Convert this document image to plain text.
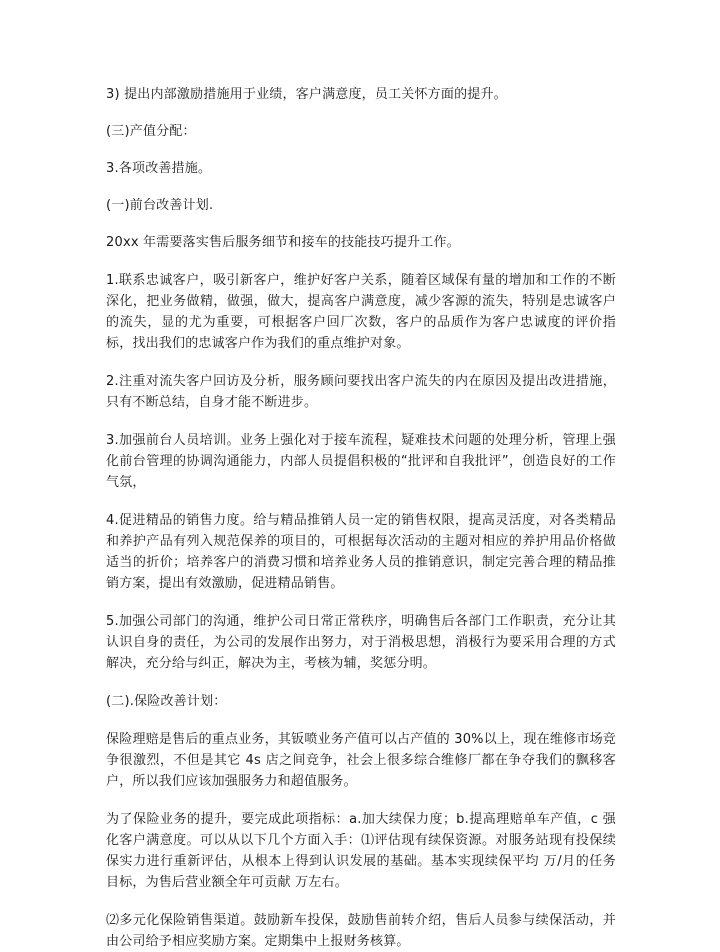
3) 提出内部激励措施用于业绩，客户满意度，员工关怀方面的提升。

(三)产值分配：

3.各项改善措施。

(一)前台改善计划.

20xx 年需要落实售后服务细节和接车的技能技巧提升工作。

1.联系忠诚客户，吸引新客户，维护好客户关系，随着区域保有量的增加和工作的不断深化，把业务做精，做强，做大，提高客户满意度，减少客源的流失，特别是忠诚客户的流失，显的尤为重要，可根据客户回厂次数，客户的品质作为客户忠诚度的评价指标，找出我们的忠诚客户作为我们的重点维护对象。

2.注重对流失客户回访及分析，服务顾问要找出客户流失的内在原因及提出改进措施，只有不断总结，自身才能不断进步。

3.加强前台人员培训。业务上强化对于接车流程，疑难技术问题的处理分析，管理上强化前台管理的协调沟通能力，内部人员提倡积极的“批评和自我批评”，创造良好的工作气氛，

4.促进精品的销售力度。给与精品推销人员一定的销售权限，提高灵活度，对各类精品和养护产品有列入规范保养的项目的，可根据每次活动的主题对相应的养护用品价格做适当的折价；培养客户的消费习惯和培养业务人员的推销意识，制定完善合理的精品推销方案，提出有效激励，促进精品销售。

5.加强公司部门的沟通，维护公司日常正常秩序，明确售后各部门工作职责，充分让其认识自身的责任，为公司的发展作出努力，对于消极思想，消极行为要采用合理的方式解决，充分给与纠正，解决为主，考核为辅，奖惩分明。

(二).保险改善计划：

保险理赔是售后的重点业务，其钣喷业务产值可以占产值的 30%以上，现在维修市场竞争很激烈，不但是其它 4s 店之间竞争，社会上很多综合维修厂都在争夺我们的飘移客户，所以我们应该加强服务力和超值服务。

为了保险业务的提升，要完成此项指标：a.加大续保力度；b.提高理赔单车产值，c 强化客户满意度。可以从以下几个方面入手：⑴评估现有续保资源。对服务站现有投保续保实力进行重新评估，从根本上得到认识发展的基础。基本实现续保平均 万/月的任务目标，为售后营业额全年可贡献 万左右。

⑵多元化保险销售渠道。鼓励新车投保，鼓励售前转介绍，售后人员参与续保活动，并由公司给予相应奖励方案。定期集中上报财务核算。
